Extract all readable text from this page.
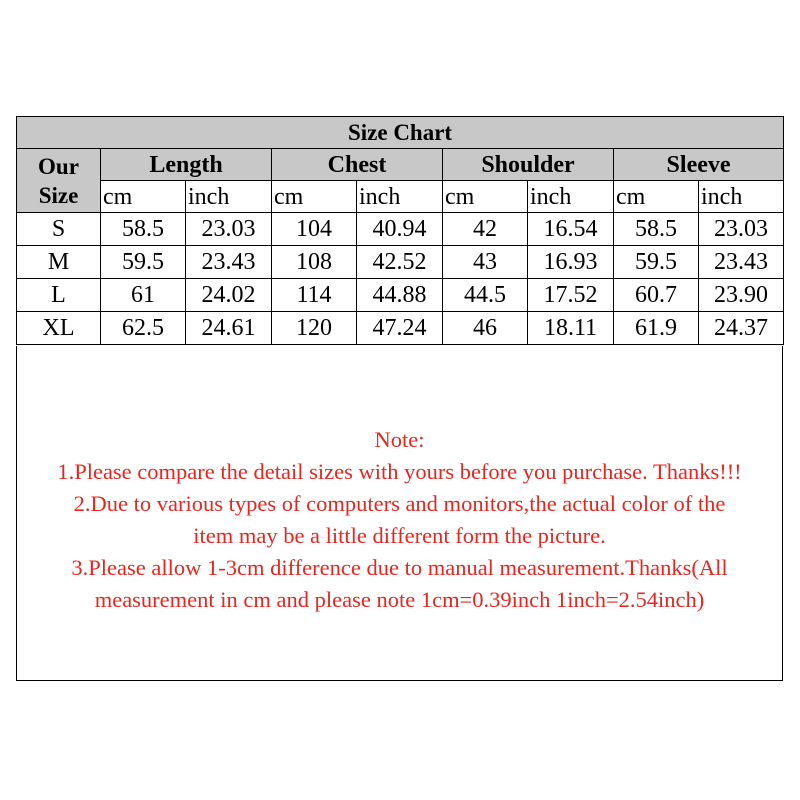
Size Chart								

Our
Size	Length		Chest		Shoulder		Sleeve	
	cm	inch	cm	inch	cm	inch	cm	inch
S	58.5	23.03	104	40.94	42	16.54	58.5	23.03
M	59.5	23.43	108	42.52	43	16.93	59.5	23.43
L	61	24.02	114	44.88	44.5	17.52	60.7	23.90
XL	62.5	24.61	120	47.24	46	18.11	61.9	24.37
Note:
1.Please compare the detail sizes with yours before you purchase. Thanks!!!
2.Due to various types of computers and monitors,the actual color of the
item may be a little different form the picture.
3.Please allow 1-3cm difference due to manual measurement.Thanks(All
measurement in cm and please note 1cm=0.39inch 1inch=2.54inch)
